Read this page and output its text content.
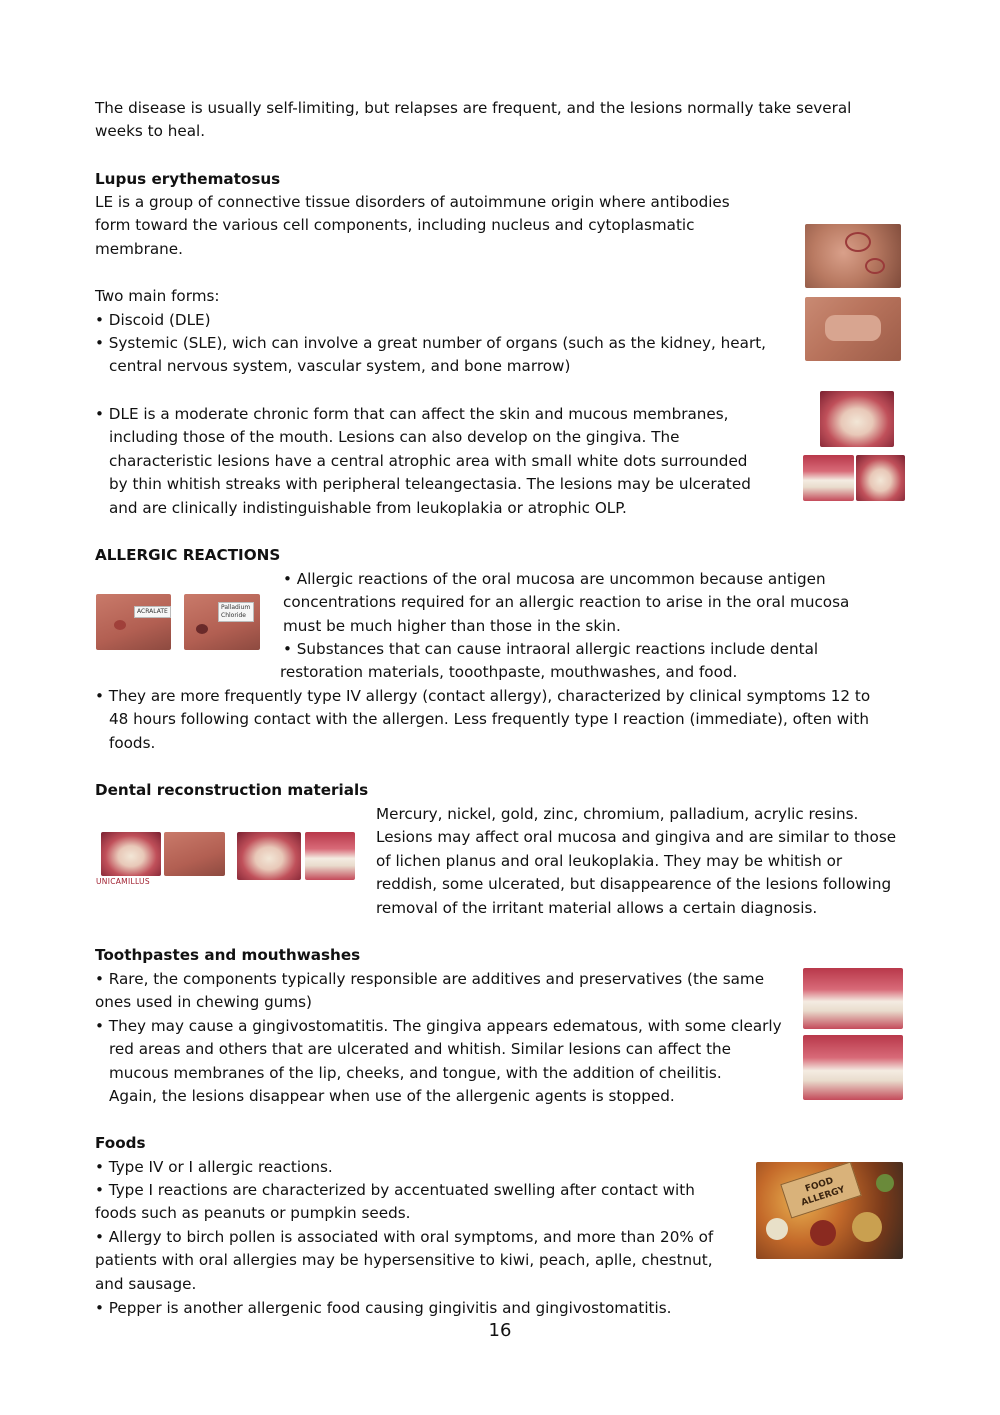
The disease is usually self-limiting, but relapses are frequent, and the lesions normally take several
weeks to heal.
Lupus erythematosus
LE is a group of connective tissue disorders of autoimmune origin where antibodies
form toward the various cell components, including nucleus and cytoplasmatic
membrane.
Two main forms:
• Discoid (DLE)
• Systemic (SLE), wich can involve a great number of organs (such as the kidney, heart,
central nervous system, vascular system, and bone marrow)
• DLE is a moderate chronic form that can affect the skin and mucous membranes,
including those of the mouth. Lesions can also develop on the gingiva. The
characteristic lesions have a central atrophic area with small white dots surrounded
by thin whitish streaks with peripheral teleangectasia. The lesions may be ulcerated
and are clinically indistinguishable from leukoplakia or atrophic OLP.
ALLERGIC REACTIONS
• Allergic reactions of the oral mucosa are uncommon because antigen
concentrations required for an allergic reaction to arise in the oral mucosa
must be much higher than those in the skin.
• Substances that can cause intraoral allergic reactions include dental
restoration materials, tooothpaste, mouthwashes, and food.
• They are more frequently type IV allergy (contact allergy), characterized by clinical symptoms 12 to
48 hours following contact with the allergen. Less frequently type I reaction (immediate), often with
foods.
ACRALATE
Palladium Chloride
Dental reconstruction materials
Mercury, nickel, gold, zinc, chromium, palladium, acrylic resins.
Lesions may affect oral mucosa and gingiva and are similar to those
of lichen planus and oral leukoplakia. They may be whitish or
reddish, some ulcerated, but disappearence of the lesions following
removal of the irritant material allows a certain diagnosis.
UNICAMILLUS
Toothpastes and mouthwashes
• Rare, the components typically responsible are additives and preservatives (the same
ones used in chewing gums)
• They may cause a gingivostomatitis. The gingiva appears edematous, with some clearly
red areas and others that are ulcerated and whitish. Similar lesions can affect the
mucous membranes of the lip, cheeks, and tongue, with the addition of cheilitis.
Again, the lesions disappear when use of the allergenic agents is stopped.
Foods
• Type IV or I allergic reactions.
• Type I reactions are characterized by accentuated swelling after contact with
foods such as peanuts or pumpkin seeds.
• Allergy to birch pollen is associated with oral symptoms, and more than 20% of
patients with oral allergies may be hypersensitive to kiwi, peach, aplle, chestnut,
and sausage.
• Pepper is another allergenic food causing gingivitis and gingivostomatitis.
FOOD ALLERGY
16
